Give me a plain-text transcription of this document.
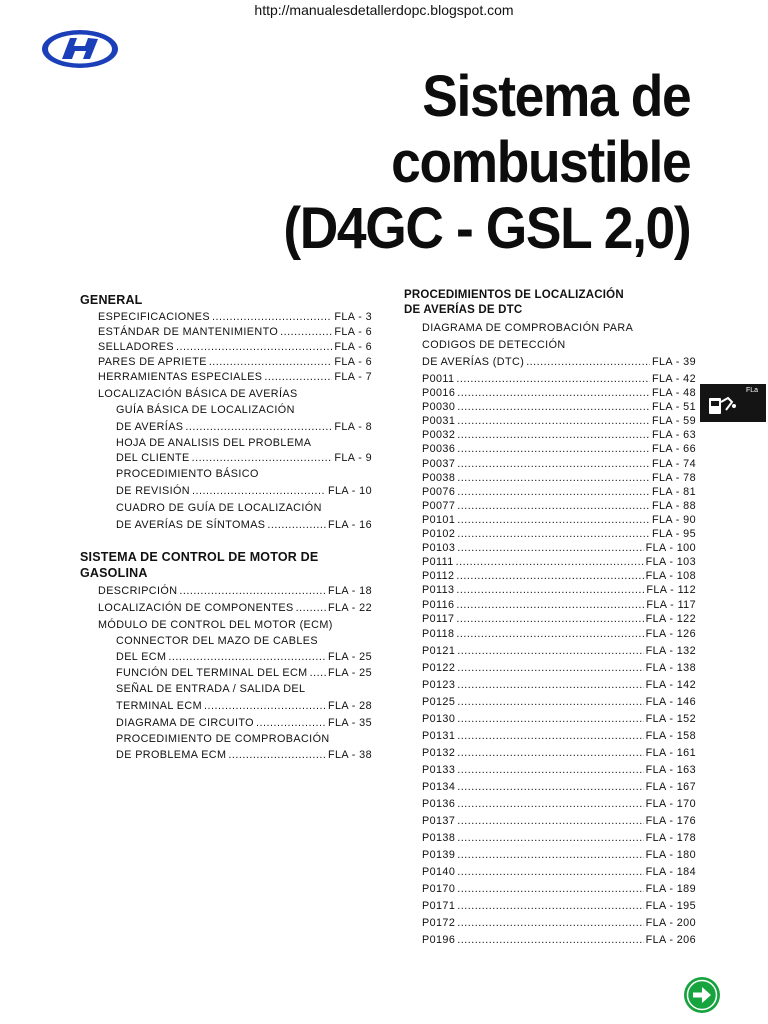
http://manualesdetallerdopc.blogspot.com
Sistema de
combustible
(D4GC - GSL 2,0)
FLa
GENERAL
ESPECIFICACIONES .....	FLA - 3
ESTÁNDAR DE MANTENIMIENTO .....	FLA - 6
SELLADORES .....	FLA - 6
PARES DE APRIETE .....	FLA - 6
HERRAMIENTAS ESPECIALES .....	FLA - 7
LOCALIZACIÓN BÁSICA DE AVERÍAS
GUÍA BÁSICA DE LOCALIZACIÓN
DE AVERÍAS .....	FLA - 8
HOJA DE ANALISIS DEL PROBLEMA
DEL CLIENTE .....	FLA - 9
PROCEDIMIENTO BÁSICO
DE REVISIÓN .....	FLA - 10
CUADRO DE GUÍA DE LOCALIZACIÓN
DE AVERÍAS DE SÍNTOMAS .....	FLA - 16
SISTEMA DE CONTROL DE MOTOR DE
GASOLINA
DESCRIPCIÓN .....	FLA - 18
LOCALIZACIÓN DE COMPONENTES .....	FLA - 22
MÓDULO DE CONTROL DEL MOTOR (ECM)
CONNECTOR DEL MAZO DE CABLES
DEL ECM .....	FLA - 25
FUNCIÓN DEL TERMINAL DEL ECM ..... FLA - 25
SEÑAL DE ENTRADA / SALIDA DEL
TERMINAL ECM .....	FLA - 28
DIAGRAMA DE CIRCUITO .....	FLA - 35
PROCEDIMIENTO DE COMPROBACIÓN
DE PROBLEMA ECM .....	FLA - 38
PROCEDIMIENTOS DE LOCALIZACIÓN
DE AVERÍAS DE DTC
DIAGRAMA DE COMPROBACIÓN PARA
CODIGOS DE DETECCIÓN
DE AVERÍAS (DTC) .....	FLA - 39
P0011 .....	FLA - 42
P0016 .....	FLA - 48
P0030 .....	FLA - 51
P0031 .....	FLA - 59
P0032 .....	FLA - 63
P0036 .....	FLA - 66
P0037 .....	FLA - 74
P0038 .....	FLA - 78
P0076 .....	FLA - 81
P0077 .....	FLA - 88
P0101 .....	FLA - 90
P0102 .....	FLA - 95
P0103 .....	FLA - 100
P0111 .....	FLA - 103
P0112 .....	FLA - 108
P0113 .....	FLA - 112
P0116 .....	FLA - 117
P0117 .....	FLA - 122
P0118 .....	FLA - 126
P0121 .....	FLA - 132
P0122 .....	FLA - 138
P0123 .....	FLA - 142
P0125 .....	FLA - 146
P0130 .....	FLA - 152
P0131 .....	FLA - 158
P0132 .....	FLA - 161
P0133 .....	FLA - 163
P0134 .....	FLA - 167
P0136 .....	FLA - 170
P0137 .....	FLA - 176
P0138 .....	FLA - 178
P0139 .....	FLA - 180
P0140 .....	FLA - 184
P0170 .....	FLA - 189
P0171 .....	FLA - 195
P0172 .....	FLA - 200
P0196 .....	FLA - 206
